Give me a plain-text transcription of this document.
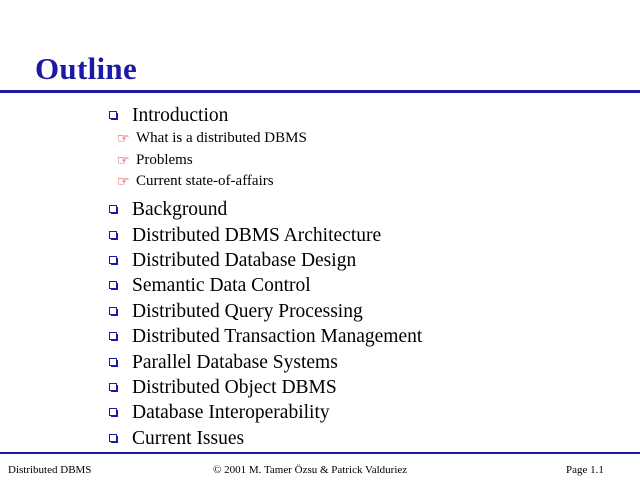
Outline
Introduction
☞ What is a distributed DBMS
☞ Problems
☞ Current state-of-affairs
Background
Distributed DBMS Architecture
Distributed Database Design
Semantic Data Control
Distributed Query Processing
Distributed Transaction Management
Parallel Database Systems
Distributed Object DBMS
Database Interoperability
Current Issues
Distributed DBMS	© 2001 M. Tamer Özsu & Patrick Valduriez	Page 1.1
